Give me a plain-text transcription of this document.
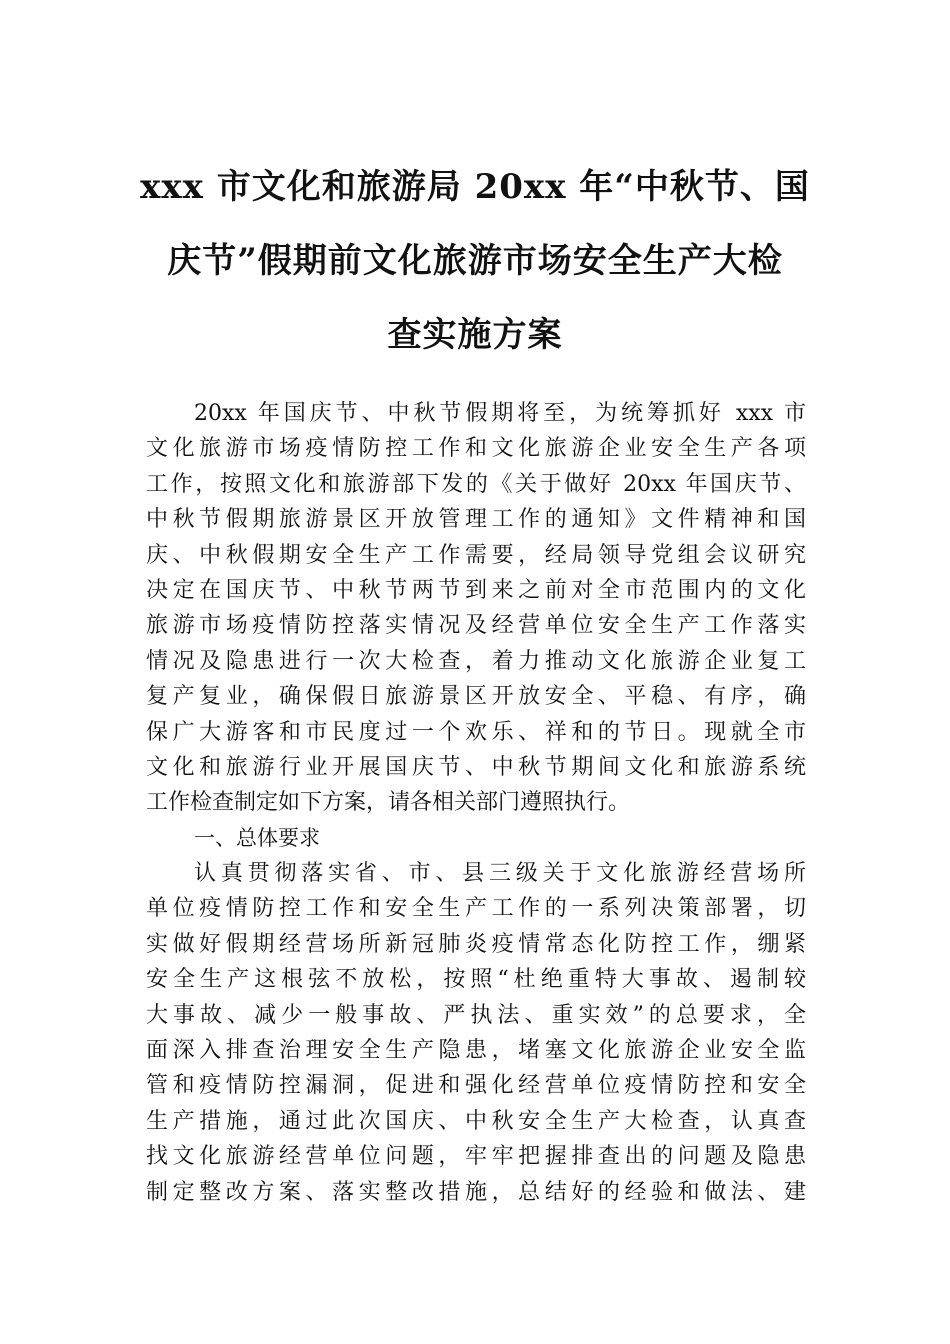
xxx 市文化和旅游局 20xx 年“中秋节、国
庆节”假期前文化旅游市场安全生产大检
查实施方案
20xx 年国庆节、中秋节假期将至，为统筹抓好 xxx 市
文化旅游市场疫情防控工作和文化旅游企业安全生产各项
工作，按照文化和旅游部下发的《关于做好 20xx 年国庆节、
中秋节假期旅游景区开放管理工作的通知》文件精神和国
庆、中秋假期安全生产工作需要，经局领导党组会议研究
决定在国庆节、中秋节两节到来之前对全市范围内的文化
旅游市场疫情防控落实情况及经营单位安全生产工作落实
情况及隐患进行一次大检查，着力推动文化旅游企业复工
复产复业，确保假日旅游景区开放安全、平稳、有序，确
保广大游客和市民度过一个欢乐、祥和的节日。现就全市
文化和旅游行业开展国庆节、中秋节期间文化和旅游系统
工作检查制定如下方案，请各相关部门遵照执行。
一、总体要求
认真贯彻落实省、市、县三级关于文化旅游经营场所
单位疫情防控工作和安全生产工作的一系列决策部署，切
实做好假期经营场所新冠肺炎疫情常态化防控工作，绷紧
安全生产这根弦不放松，按照“杜绝重特大事故、遏制较
大事故、减少一般事故、严执法、重实效”的总要求，全
面深入排查治理安全生产隐患，堵塞文化旅游企业安全监
管和疫情防控漏洞，促进和强化经营单位疫情防控和安全
生产措施，通过此次国庆、中秋安全生产大检查，认真查
找文化旅游经营单位问题，牢牢把握排查出的问题及隐患
制定整改方案、落实整改措施，总结好的经验和做法、建
